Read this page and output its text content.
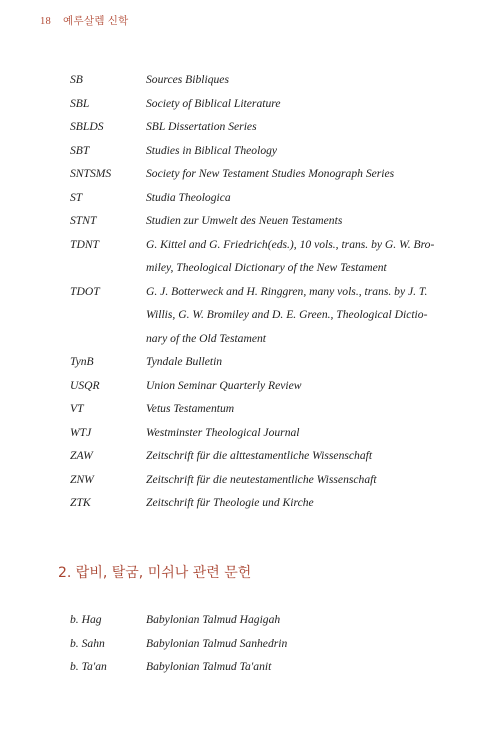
18 예루살렘 신학
SB	Sources Bibliques
SBL	Society of Biblical Literature
SBLDS	SBL Dissertation Series
SBT	Studies in Biblical Theology
SNTSMS	Society for New Testament Studies Monograph Series
ST	Studia Theologica
STNT	Studien zur Umwelt des Neuen Testaments
TDNT	G. Kittel and G. Friedrich(eds.), 10 vols., trans. by G. W. Bro-
miley, Theological Dictionary of the New Testament
TDOT	G. J. Botterweck and H. Ringgren, many vols., trans. by J. T.
Willis, G. W. Bromiley and D. E. Green., Theological Dictio-
nary of the Old Testament
TynB	Tyndale Bulletin
USQR	Union Seminar Quarterly Review
VT	Vetus Testamentum
WTJ	Westminster Theological Journal
ZAW	Zeitschrift für die alttestamentliche Wissenschaft
ZNW	Zeitschrift für die neutestamentliche Wissenschaft
ZTK	Zeitschrift für Theologie und Kirche
2. 랍비, 탈굼, 미쉬나 관련 문헌
b. Hag	Babylonian Talmud Hagigah
b. Sahn	Babylonian Talmud Sanhedrin
b. Ta'an	Babylonian Talmud Ta'anit
